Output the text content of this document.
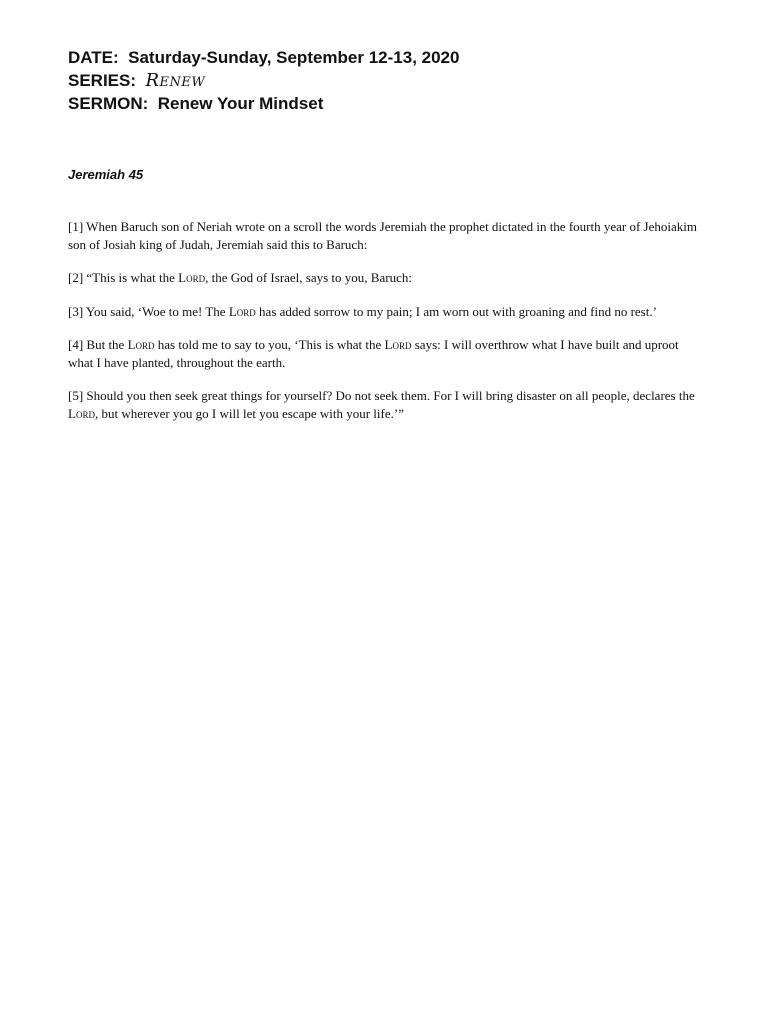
DATE: Saturday-Sunday, September 12-13, 2020
SERIES: Renew
SERMON: Renew Your Mindset
Jeremiah 45

[1] When Baruch son of Neriah wrote on a scroll the words Jeremiah the prophet dictated in the fourth year of Jehoiakim son of Josiah king of Judah, Jeremiah said this to Baruch:

[2] “This is what the Lord, the God of Israel, says to you, Baruch:

[3] You said, ‘Woe to me! The Lord has added sorrow to my pain; I am worn out with groaning and find no rest.’

[4] But the Lord has told me to say to you, ‘This is what the Lord says: I will overthrow what I have built and uproot what I have planted, throughout the earth.

[5] Should you then seek great things for yourself? Do not seek them. For I will bring disaster on all people, declares the Lord, but wherever you go I will let you escape with your life.’”
